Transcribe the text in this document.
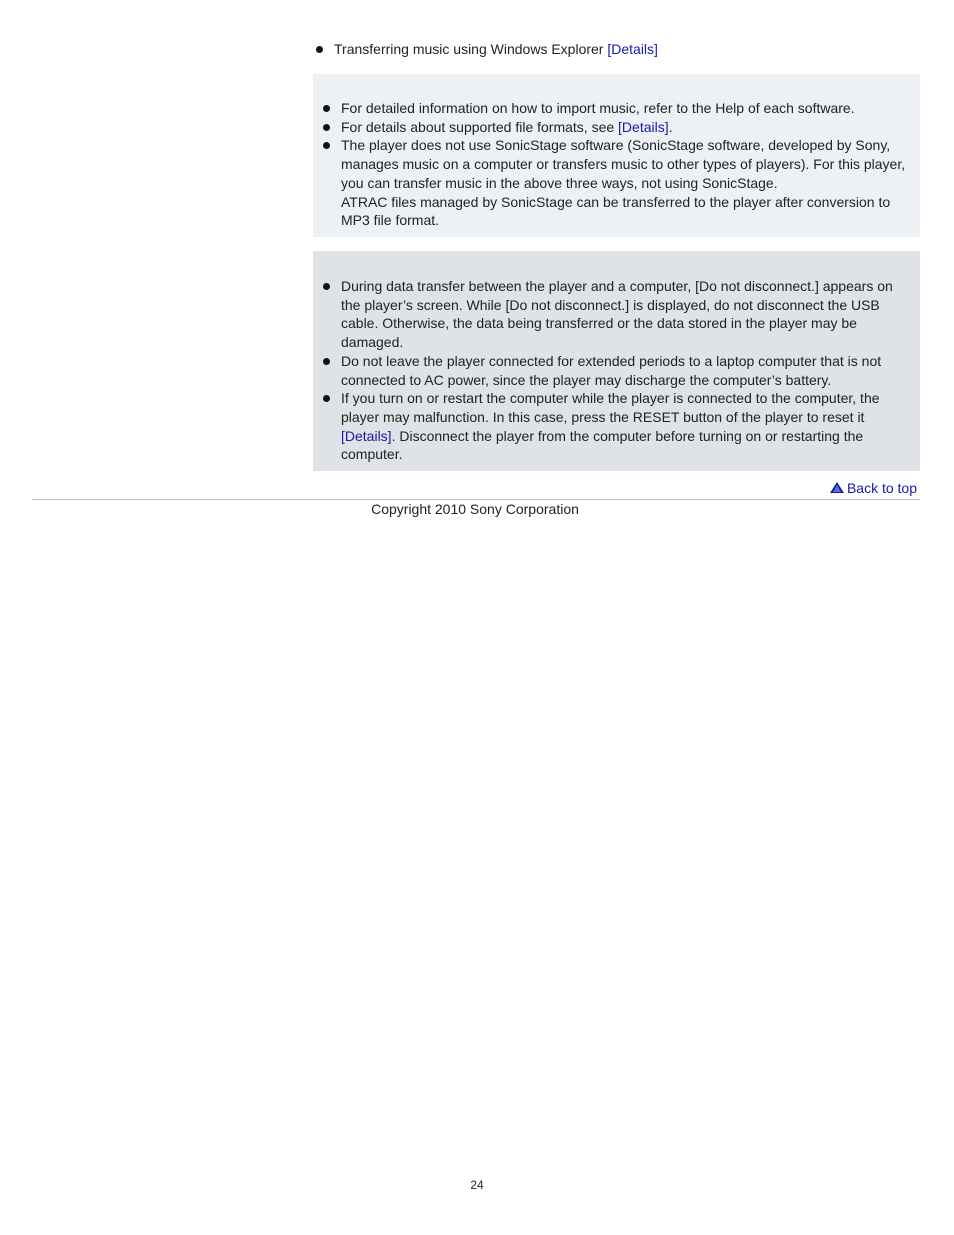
Transferring music using Windows Explorer [Details]
For detailed information on how to import music, refer to the Help of each software.
For details about supported file formats, see [Details].
The player does not use SonicStage software (SonicStage software, developed by Sony, manages music on a computer or transfers music to other types of players). For this player, you can transfer music in the above three ways, not using SonicStage.
ATRAC files managed by SonicStage can be transferred to the player after conversion to MP3 file format.
During data transfer between the player and a computer, [Do not disconnect.] appears on the player’s screen. While [Do not disconnect.] is displayed, do not disconnect the USB cable. Otherwise, the data being transferred or the data stored in the player may be damaged.
Do not leave the player connected for extended periods to a laptop computer that is not connected to AC power, since the player may discharge the computer’s battery.
If you turn on or restart the computer while the player is connected to the computer, the player may malfunction. In this case, press the RESET button of the player to reset it [Details]. Disconnect the player from the computer before turning on or restarting the computer.
Back to top
Copyright 2010 Sony Corporation
24
